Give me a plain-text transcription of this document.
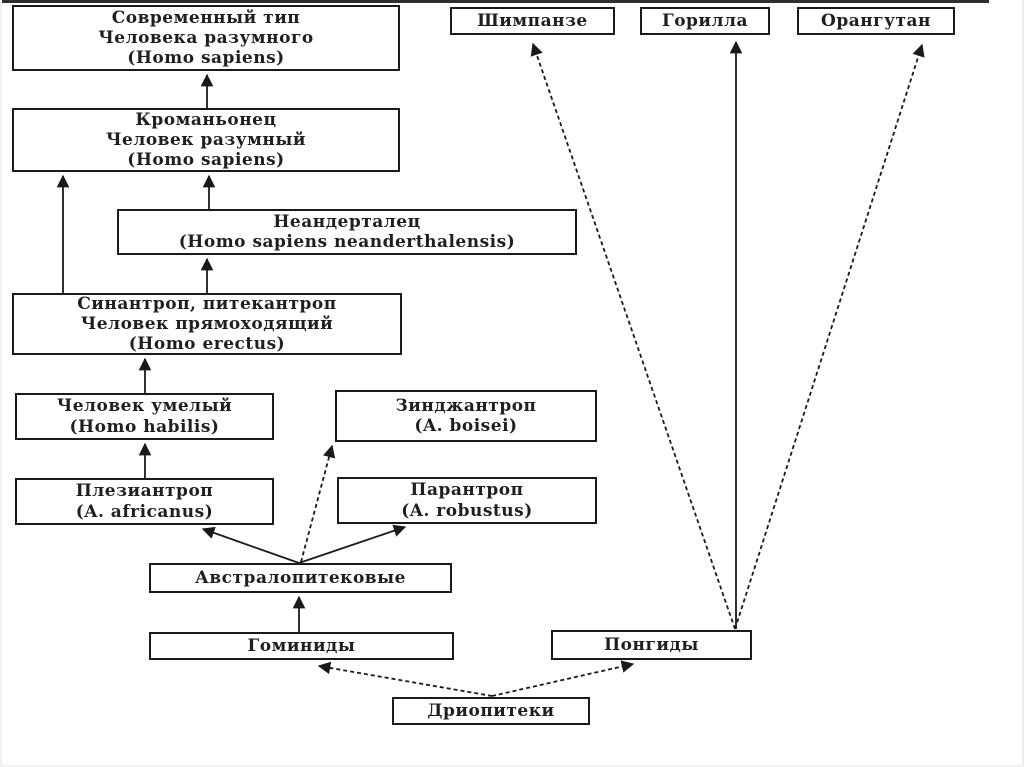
Современный тип
Человека разумного
(Homo sapiens)
Кроманьонец
Человек разумный
(Homo sapiens)
Неандерталец
(Homo sapiens neanderthalensis)
Синантроп, питекантроп
Человек прямоходящий
(Homo erectus)
Человек умелый
(Homo habilis)
Зинджантроп
(A. boisei)
Плезиантроп
(A. africanus)
Парантроп
(A. robustus)
Австралопитековые
Гоминиды	Понгиды
Дриопитеки
Шимпанзе	Горилла	Орангутан
